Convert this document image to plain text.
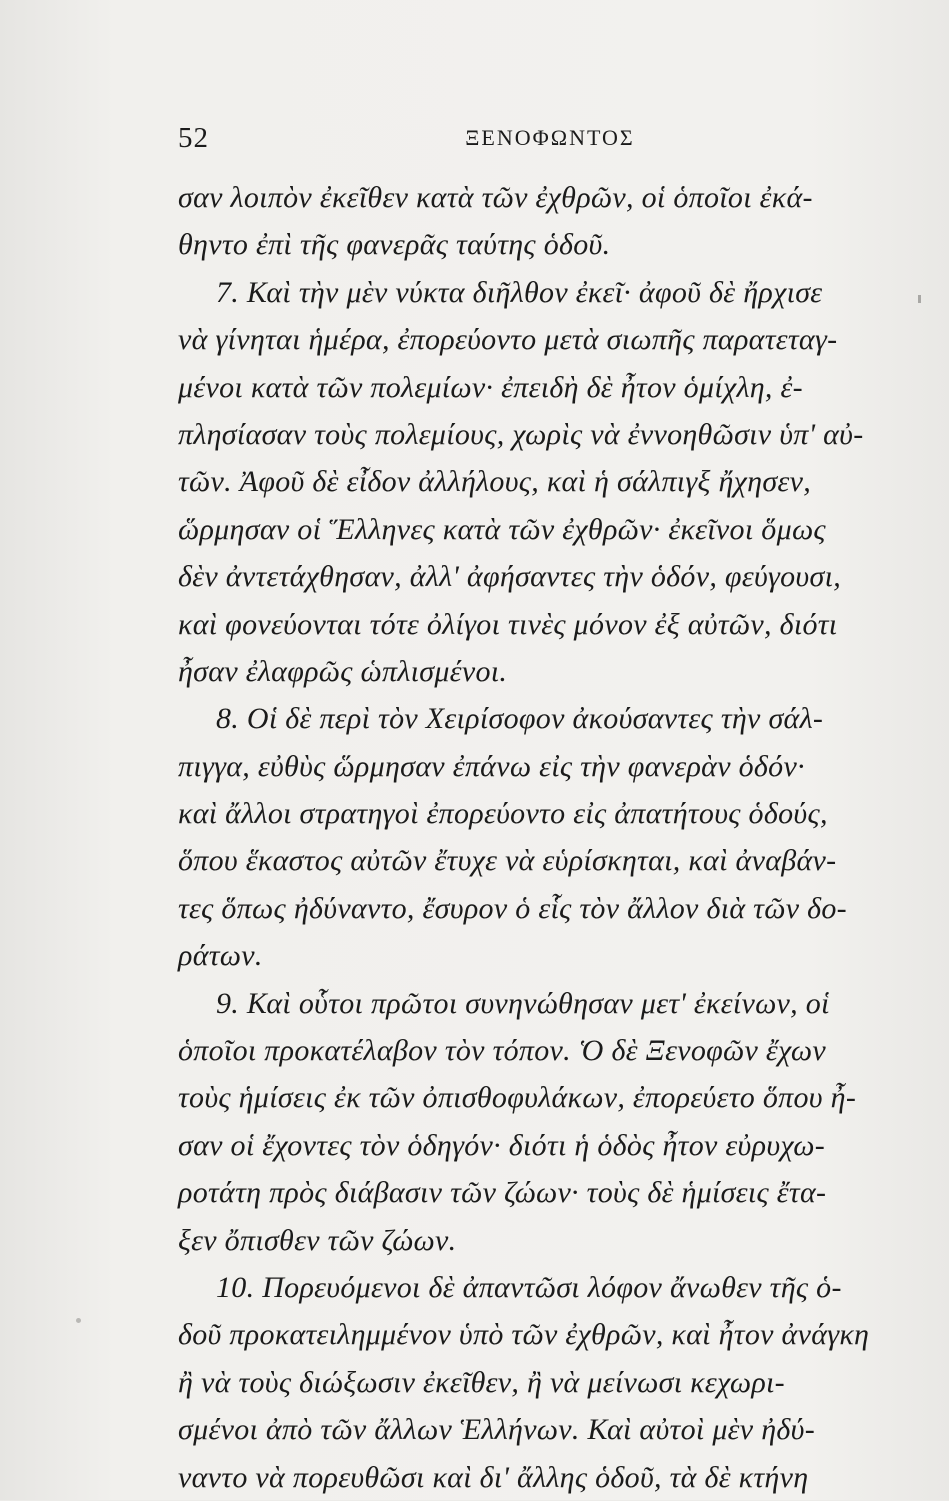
52	ΞΕΝΟΦΩΝΤΟΣ
σαν λοιπὸν ἐκεῖθεν κατὰ τῶν ἐχθρῶν, οἱ ὁποῖοι ἐκά-
θηντο ἐπὶ τῆς φανερᾶς ταύτης ὁδοῦ.
7. Καὶ τὴν μὲν νύκτα διῆλθον ἐκεῖ· ἀφοῦ δὲ ἤρχισε
νὰ γίνηται ἡμέρα, ἐπορεύοντο μετὰ σιωπῆς παρατεταγ-
μένοι κατὰ τῶν πολεμίων· ἐπειδὴ δὲ ἦτον ὁμίχλη, ἐ-
πλησίασαν τοὺς πολεμίους, χωρὶς νὰ ἐννοηθῶσιν ὑπ' αὐ-
τῶν. Ἀφοῦ δὲ εἶδον ἀλλήλους, καὶ ἡ σάλπιγξ ἤχησεν,
ὥρμησαν οἱ Ἕλληνες κατὰ τῶν ἐχθρῶν· ἐκεῖνοι ὅμως
δὲν ἀντετάχθησαν, ἀλλ' ἀφήσαντες τὴν ὁδόν, φεύγουσι,
καὶ φονεύονται τότε ὀλίγοι τινὲς μόνον ἐξ αὐτῶν, διότι
ἦσαν ἐλαφρῶς ὡπλισμένοι.
8. Οἱ δὲ περὶ τὸν Χειρίσοφον ἀκούσαντες τὴν σάλ-
πιγγα, εὐθὺς ὥρμησαν ἐπάνω εἰς τὴν φανερὰν ὁδόν·
καὶ ἄλλοι στρατηγοὶ ἐπορεύοντο εἰς ἀπατήτους ὁδούς,
ὅπου ἕκαστος αὐτῶν ἔτυχε νὰ εὑρίσκηται, καὶ ἀναβάν-
τες ὅπως ἠδύναντο, ἔσυρον ὁ εἷς τὸν ἄλλον διὰ τῶν δο-
ράτων.
9. Καὶ οὗτοι πρῶτοι συνηνώθησαν μετ' ἐκείνων, οἱ
ὁποῖοι προκατέλαβον τὸν τόπον. Ὁ δὲ Ξενοφῶν ἔχων
τοὺς ἡμίσεις ἐκ τῶν ὀπισθοφυλάκων, ἐπορεύετο ὅπου ἦ-
σαν οἱ ἔχοντες τὸν ὁδηγόν· διότι ἡ ὁδὸς ἦτον εὐρυχω-
ροτάτη πρὸς διάβασιν τῶν ζώων· τοὺς δὲ ἡμίσεις ἔτα-
ξεν ὄπισθεν τῶν ζώων.
10. Πορευόμενοι δὲ ἀπαντῶσι λόφον ἄνωθεν τῆς ὁ-
δοῦ προκατειλημμένον ὑπὸ τῶν ἐχθρῶν, καὶ ἦτον ἀνάγκη
ἢ νὰ τοὺς διώξωσιν ἐκεῖθεν, ἢ νὰ μείνωσι κεχωρι-
σμένοι ἀπὸ τῶν ἄλλων Ἑλλήνων. Καὶ αὐτοὶ μὲν ἠδύ-
ναντο νὰ πορευθῶσι καὶ δι' ἄλλης ὁδοῦ, τὰ δὲ κτήνη
